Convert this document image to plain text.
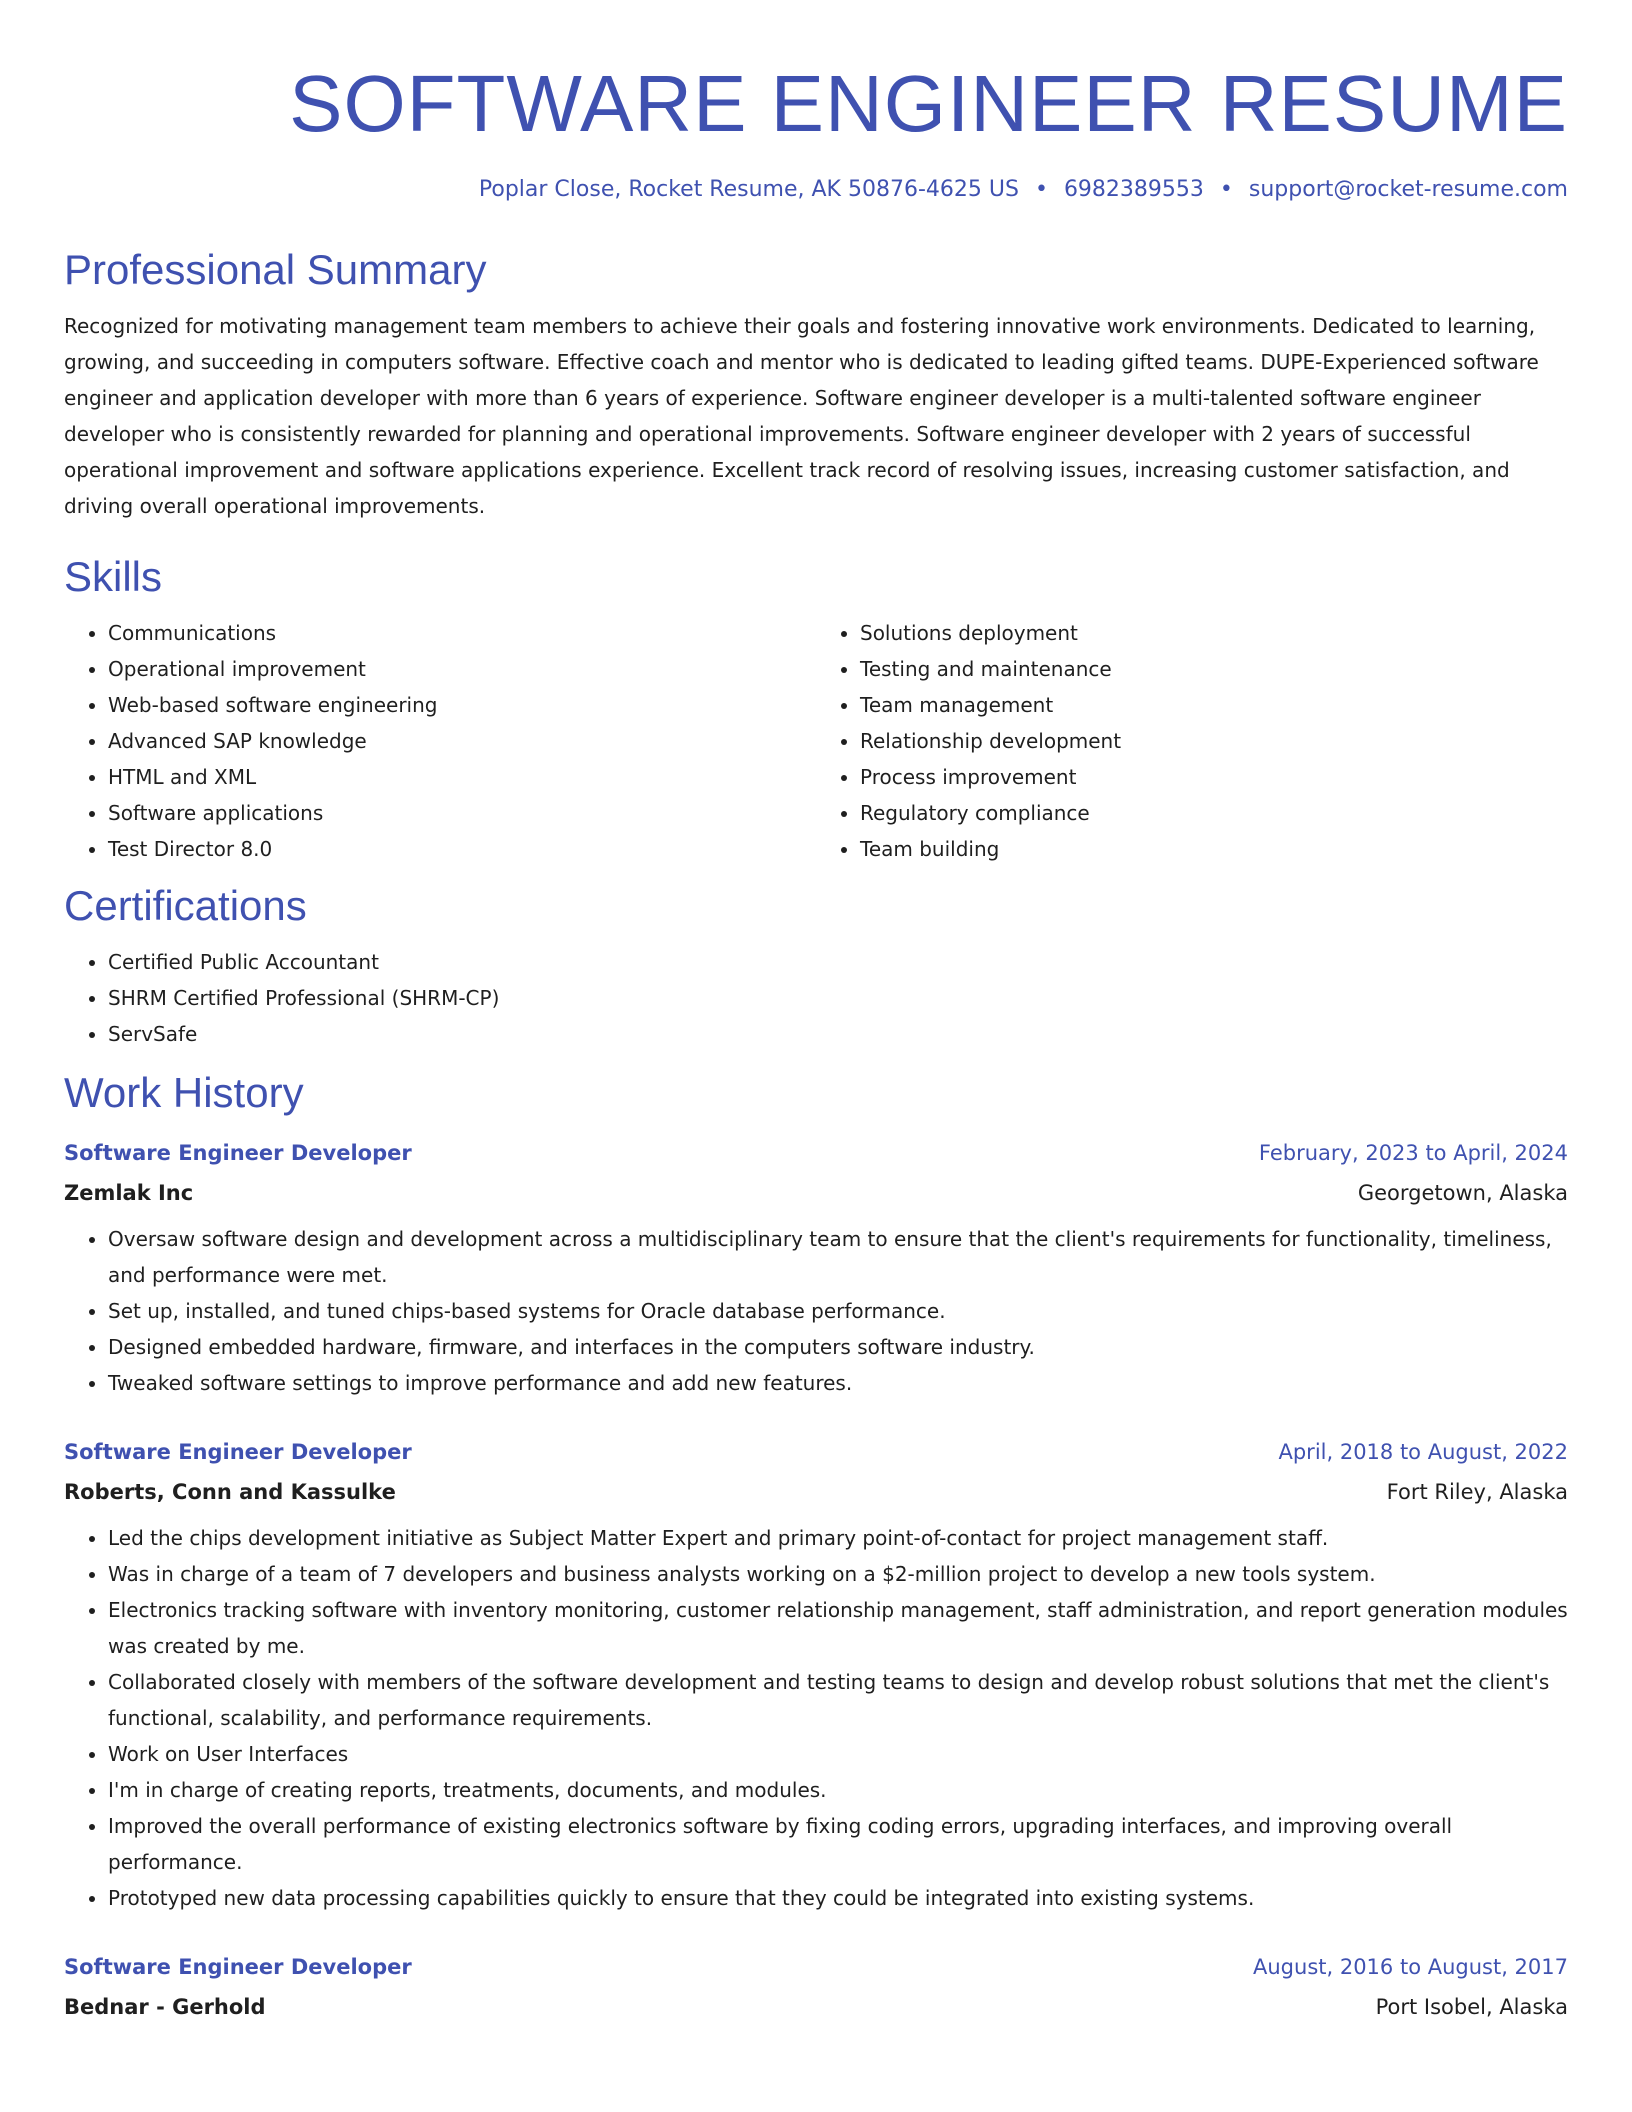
SOFTWARE ENGINEER RESUME
Poplar Close, Rocket Resume, AK 50876-4625 US • 6982389553 • support@rocket-resume.com
Professional Summary
Recognized for motivating management team members to achieve their goals and fostering innovative work environments. Dedicated to learning, growing, and succeeding in computers software. Effective coach and mentor who is dedicated to leading gifted teams. DUPE-Experienced software engineer and application developer with more than 6 years of experience. Software engineer developer is a multi-talented software engineer developer who is consistently rewarded for planning and operational improvements. Software engineer developer with 2 years of successful operational improvement and software applications experience. Excellent track record of resolving issues, increasing customer satisfaction, and driving overall operational improvements.
Skills
• Communications
• Operational improvement
• Web-based software engineering
• Advanced SAP knowledge
• HTML and XML
• Software applications
• Test Director 8.0
• Solutions deployment
• Testing and maintenance
• Team management
• Relationship development
• Process improvement
• Regulatory compliance
• Team building
Certifications
• Certified Public Accountant
• SHRM Certified Professional (SHRM-CP)
• ServSafe
Work History
Software Engineer Developer	February, 2023 to April, 2024
Zemlak Inc	Georgetown, Alaska
• Oversaw software design and development across a multidisciplinary team to ensure that the client's requirements for functionality, timeliness, and performance were met.
• Set up, installed, and tuned chips-based systems for Oracle database performance.
• Designed embedded hardware, firmware, and interfaces in the computers software industry.
• Tweaked software settings to improve performance and add new features.
Software Engineer Developer	April, 2018 to August, 2022
Roberts, Conn and Kassulke	Fort Riley, Alaska
• Led the chips development initiative as Subject Matter Expert and primary point-of-contact for project management staff.
• Was in charge of a team of 7 developers and business analysts working on a $2-million project to develop a new tools system.
• Electronics tracking software with inventory monitoring, customer relationship management, staff administration, and report generation modules was created by me.
• Collaborated closely with members of the software development and testing teams to design and develop robust solutions that met the client's functional, scalability, and performance requirements.
• Work on User Interfaces
• I'm in charge of creating reports, treatments, documents, and modules.
• Improved the overall performance of existing electronics software by fixing coding errors, upgrading interfaces, and improving overall performance.
• Prototyped new data processing capabilities quickly to ensure that they could be integrated into existing systems.
Software Engineer Developer	August, 2016 to August, 2017
Bednar - Gerhold	Port Isobel, Alaska
